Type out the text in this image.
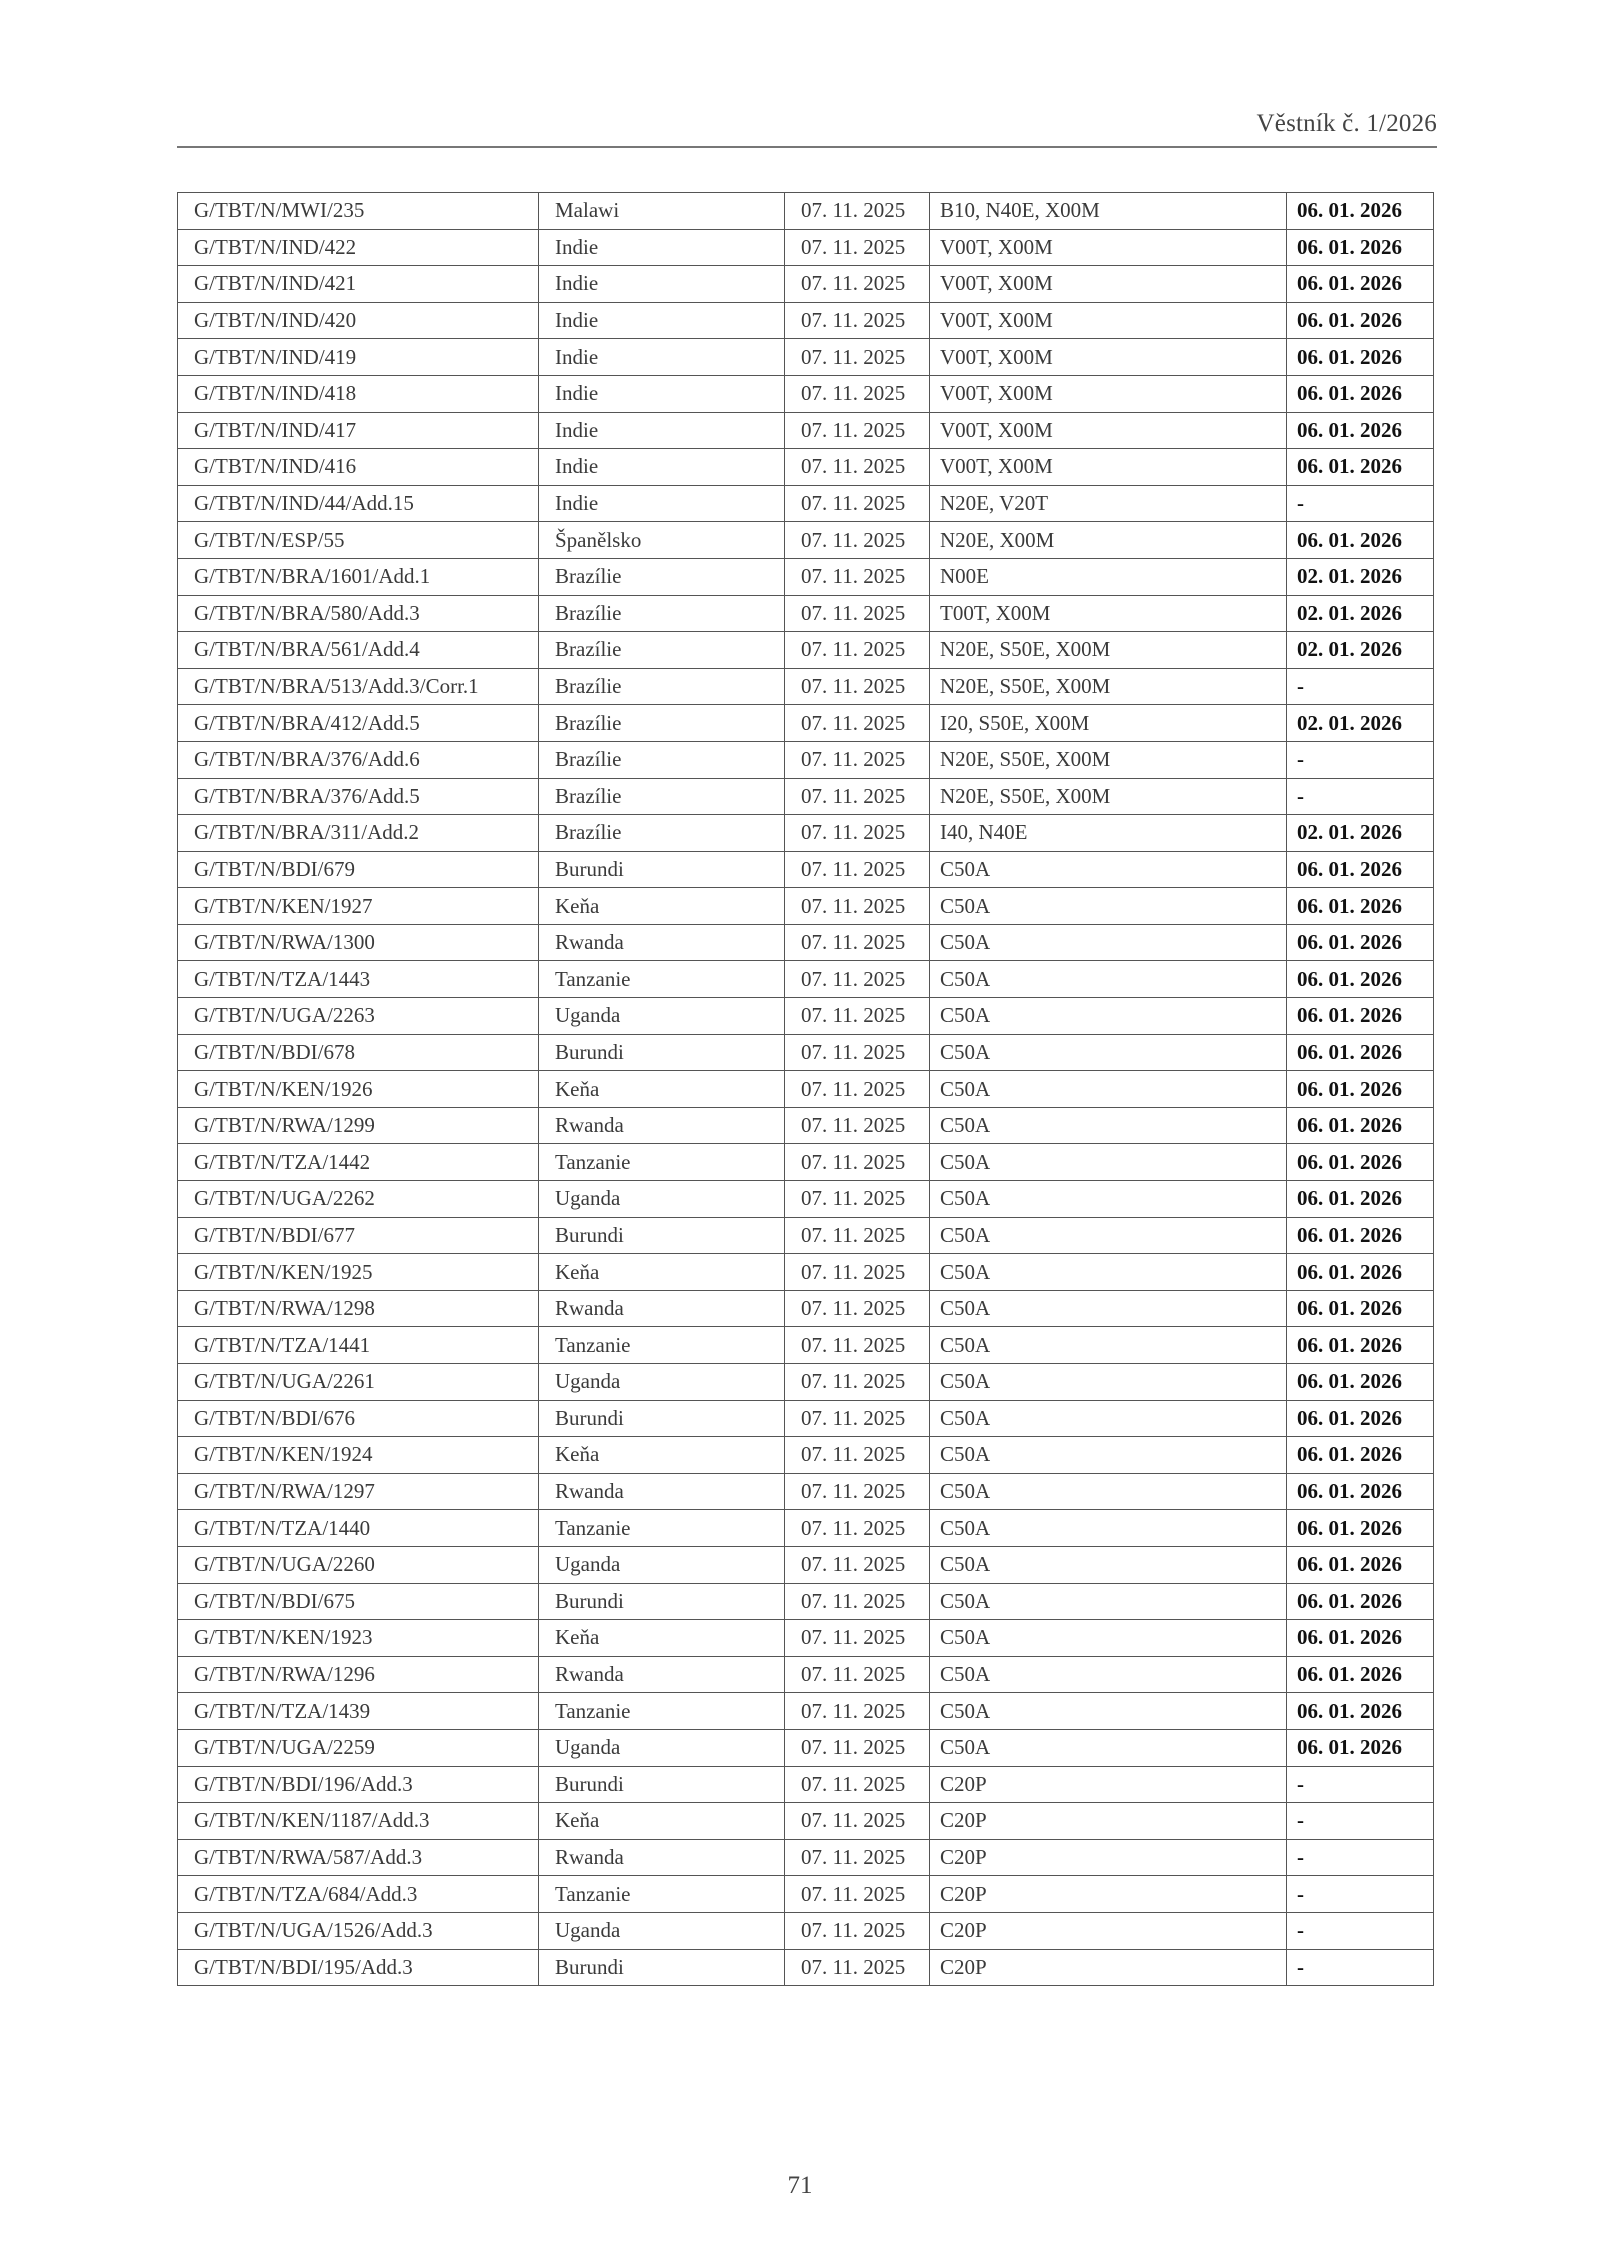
Věstník č. 1/2026
G/TBT/N/MWI/235	Malawi	07. 11. 2025	B10, N40E, X00M	06. 01. 2026
G/TBT/N/IND/422	Indie	07. 11. 2025	V00T, X00M	06. 01. 2026
G/TBT/N/IND/421	Indie	07. 11. 2025	V00T, X00M	06. 01. 2026
G/TBT/N/IND/420	Indie	07. 11. 2025	V00T, X00M	06. 01. 2026
G/TBT/N/IND/419	Indie	07. 11. 2025	V00T, X00M	06. 01. 2026
G/TBT/N/IND/418	Indie	07. 11. 2025	V00T, X00M	06. 01. 2026
G/TBT/N/IND/417	Indie	07. 11. 2025	V00T, X00M	06. 01. 2026
G/TBT/N/IND/416	Indie	07. 11. 2025	V00T, X00M	06. 01. 2026
G/TBT/N/IND/44/Add.15	Indie	07. 11. 2025	N20E, V20T	-
G/TBT/N/ESP/55	Španělsko	07. 11. 2025	N20E, X00M	06. 01. 2026
G/TBT/N/BRA/1601/Add.1	Brazílie	07. 11. 2025	N00E	02. 01. 2026
G/TBT/N/BRA/580/Add.3	Brazílie	07. 11. 2025	T00T, X00M	02. 01. 2026
G/TBT/N/BRA/561/Add.4	Brazílie	07. 11. 2025	N20E, S50E, X00M	02. 01. 2026
G/TBT/N/BRA/513/Add.3/Corr.1	Brazílie	07. 11. 2025	N20E, S50E, X00M	-
G/TBT/N/BRA/412/Add.5	Brazílie	07. 11. 2025	I20, S50E, X00M	02. 01. 2026
G/TBT/N/BRA/376/Add.6	Brazílie	07. 11. 2025	N20E, S50E, X00M	-
G/TBT/N/BRA/376/Add.5	Brazílie	07. 11. 2025	N20E, S50E, X00M	-
G/TBT/N/BRA/311/Add.2	Brazílie	07. 11. 2025	I40, N40E	02. 01. 2026
G/TBT/N/BDI/679	Burundi	07. 11. 2025	C50A	06. 01. 2026
G/TBT/N/KEN/1927	Keňa	07. 11. 2025	C50A	06. 01. 2026
G/TBT/N/RWA/1300	Rwanda	07. 11. 2025	C50A	06. 01. 2026
G/TBT/N/TZA/1443	Tanzanie	07. 11. 2025	C50A	06. 01. 2026
G/TBT/N/UGA/2263	Uganda	07. 11. 2025	C50A	06. 01. 2026
G/TBT/N/BDI/678	Burundi	07. 11. 2025	C50A	06. 01. 2026
G/TBT/N/KEN/1926	Keňa	07. 11. 2025	C50A	06. 01. 2026
G/TBT/N/RWA/1299	Rwanda	07. 11. 2025	C50A	06. 01. 2026
G/TBT/N/TZA/1442	Tanzanie	07. 11. 2025	C50A	06. 01. 2026
G/TBT/N/UGA/2262	Uganda	07. 11. 2025	C50A	06. 01. 2026
G/TBT/N/BDI/677	Burundi	07. 11. 2025	C50A	06. 01. 2026
G/TBT/N/KEN/1925	Keňa	07. 11. 2025	C50A	06. 01. 2026
G/TBT/N/RWA/1298	Rwanda	07. 11. 2025	C50A	06. 01. 2026
G/TBT/N/TZA/1441	Tanzanie	07. 11. 2025	C50A	06. 01. 2026
G/TBT/N/UGA/2261	Uganda	07. 11. 2025	C50A	06. 01. 2026
G/TBT/N/BDI/676	Burundi	07. 11. 2025	C50A	06. 01. 2026
G/TBT/N/KEN/1924	Keňa	07. 11. 2025	C50A	06. 01. 2026
G/TBT/N/RWA/1297	Rwanda	07. 11. 2025	C50A	06. 01. 2026
G/TBT/N/TZA/1440	Tanzanie	07. 11. 2025	C50A	06. 01. 2026
G/TBT/N/UGA/2260	Uganda	07. 11. 2025	C50A	06. 01. 2026
G/TBT/N/BDI/675	Burundi	07. 11. 2025	C50A	06. 01. 2026
G/TBT/N/KEN/1923	Keňa	07. 11. 2025	C50A	06. 01. 2026
G/TBT/N/RWA/1296	Rwanda	07. 11. 2025	C50A	06. 01. 2026
G/TBT/N/TZA/1439	Tanzanie	07. 11. 2025	C50A	06. 01. 2026
G/TBT/N/UGA/2259	Uganda	07. 11. 2025	C50A	06. 01. 2026
G/TBT/N/BDI/196/Add.3	Burundi	07. 11. 2025	C20P	-
G/TBT/N/KEN/1187/Add.3	Keňa	07. 11. 2025	C20P	-
G/TBT/N/RWA/587/Add.3	Rwanda	07. 11. 2025	C20P	-
G/TBT/N/TZA/684/Add.3	Tanzanie	07. 11. 2025	C20P	-
G/TBT/N/UGA/1526/Add.3	Uganda	07. 11. 2025	C20P	-
G/TBT/N/BDI/195/Add.3	Burundi	07. 11. 2025	C20P	-
71
